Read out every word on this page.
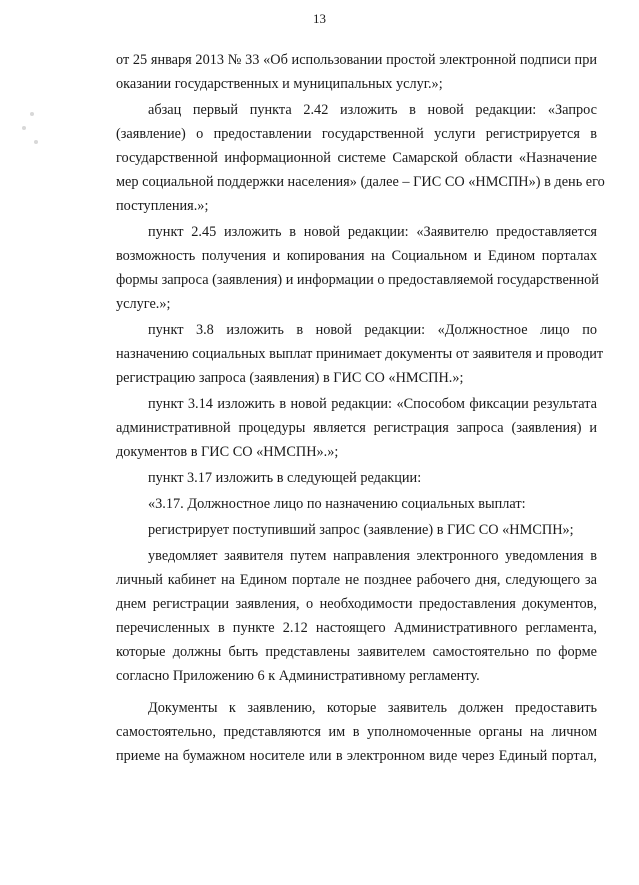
13
от 25 января 2013 № 33 «Об использовании простой электронной подписи при
оказании государственных и муниципальных услуг.»;
абзац первый пункта 2.42 изложить в новой редакции: «Запрос
(заявление) о предоставлении государственной услуги регистрируется в
государственной информационной системе Самарской области «Назначение
мер социальной поддержки населения» (далее – ГИС СО «НМСПН») в день его
поступления.»;
пункт 2.45 изложить в новой редакции: «Заявителю предоставляется
возможность получения и копирования на Социальном и Едином порталах
формы запроса (заявления) и информации о предоставляемой государственной
услуге.»;
пункт 3.8 изложить в новой редакции: «Должностное лицо по
назначению социальных выплат принимает документы от заявителя и проводит
регистрацию запроса (заявления) в ГИС СО «НМСПН.»;
пункт 3.14 изложить в новой редакции: «Способом фиксации результата
административной процедуры является регистрация запроса (заявления) и
документов в ГИС СО «НМСПН».»;
пункт 3.17 изложить в следующей редакции:
«3.17. Должностное лицо по назначению социальных выплат:
регистрирует поступивший запрос (заявление) в ГИС СО «НМСПН»;
уведомляет заявителя путем направления электронного уведомления в
личный кабинет на Едином портале не позднее рабочего дня, следующего за
днем регистрации заявления, о необходимости предоставления документов,
перечисленных в пункте 2.12 настоящего Административного регламента,
которые должны быть представлены заявителем самостоятельно по форме
согласно Приложению 6 к Административному регламенту.
Документы к заявлению, которые заявитель должен предоставить
самостоятельно, представляются им в уполномоченные органы на личном
приеме на бумажном носителе или в электронном виде через Единый портал,
